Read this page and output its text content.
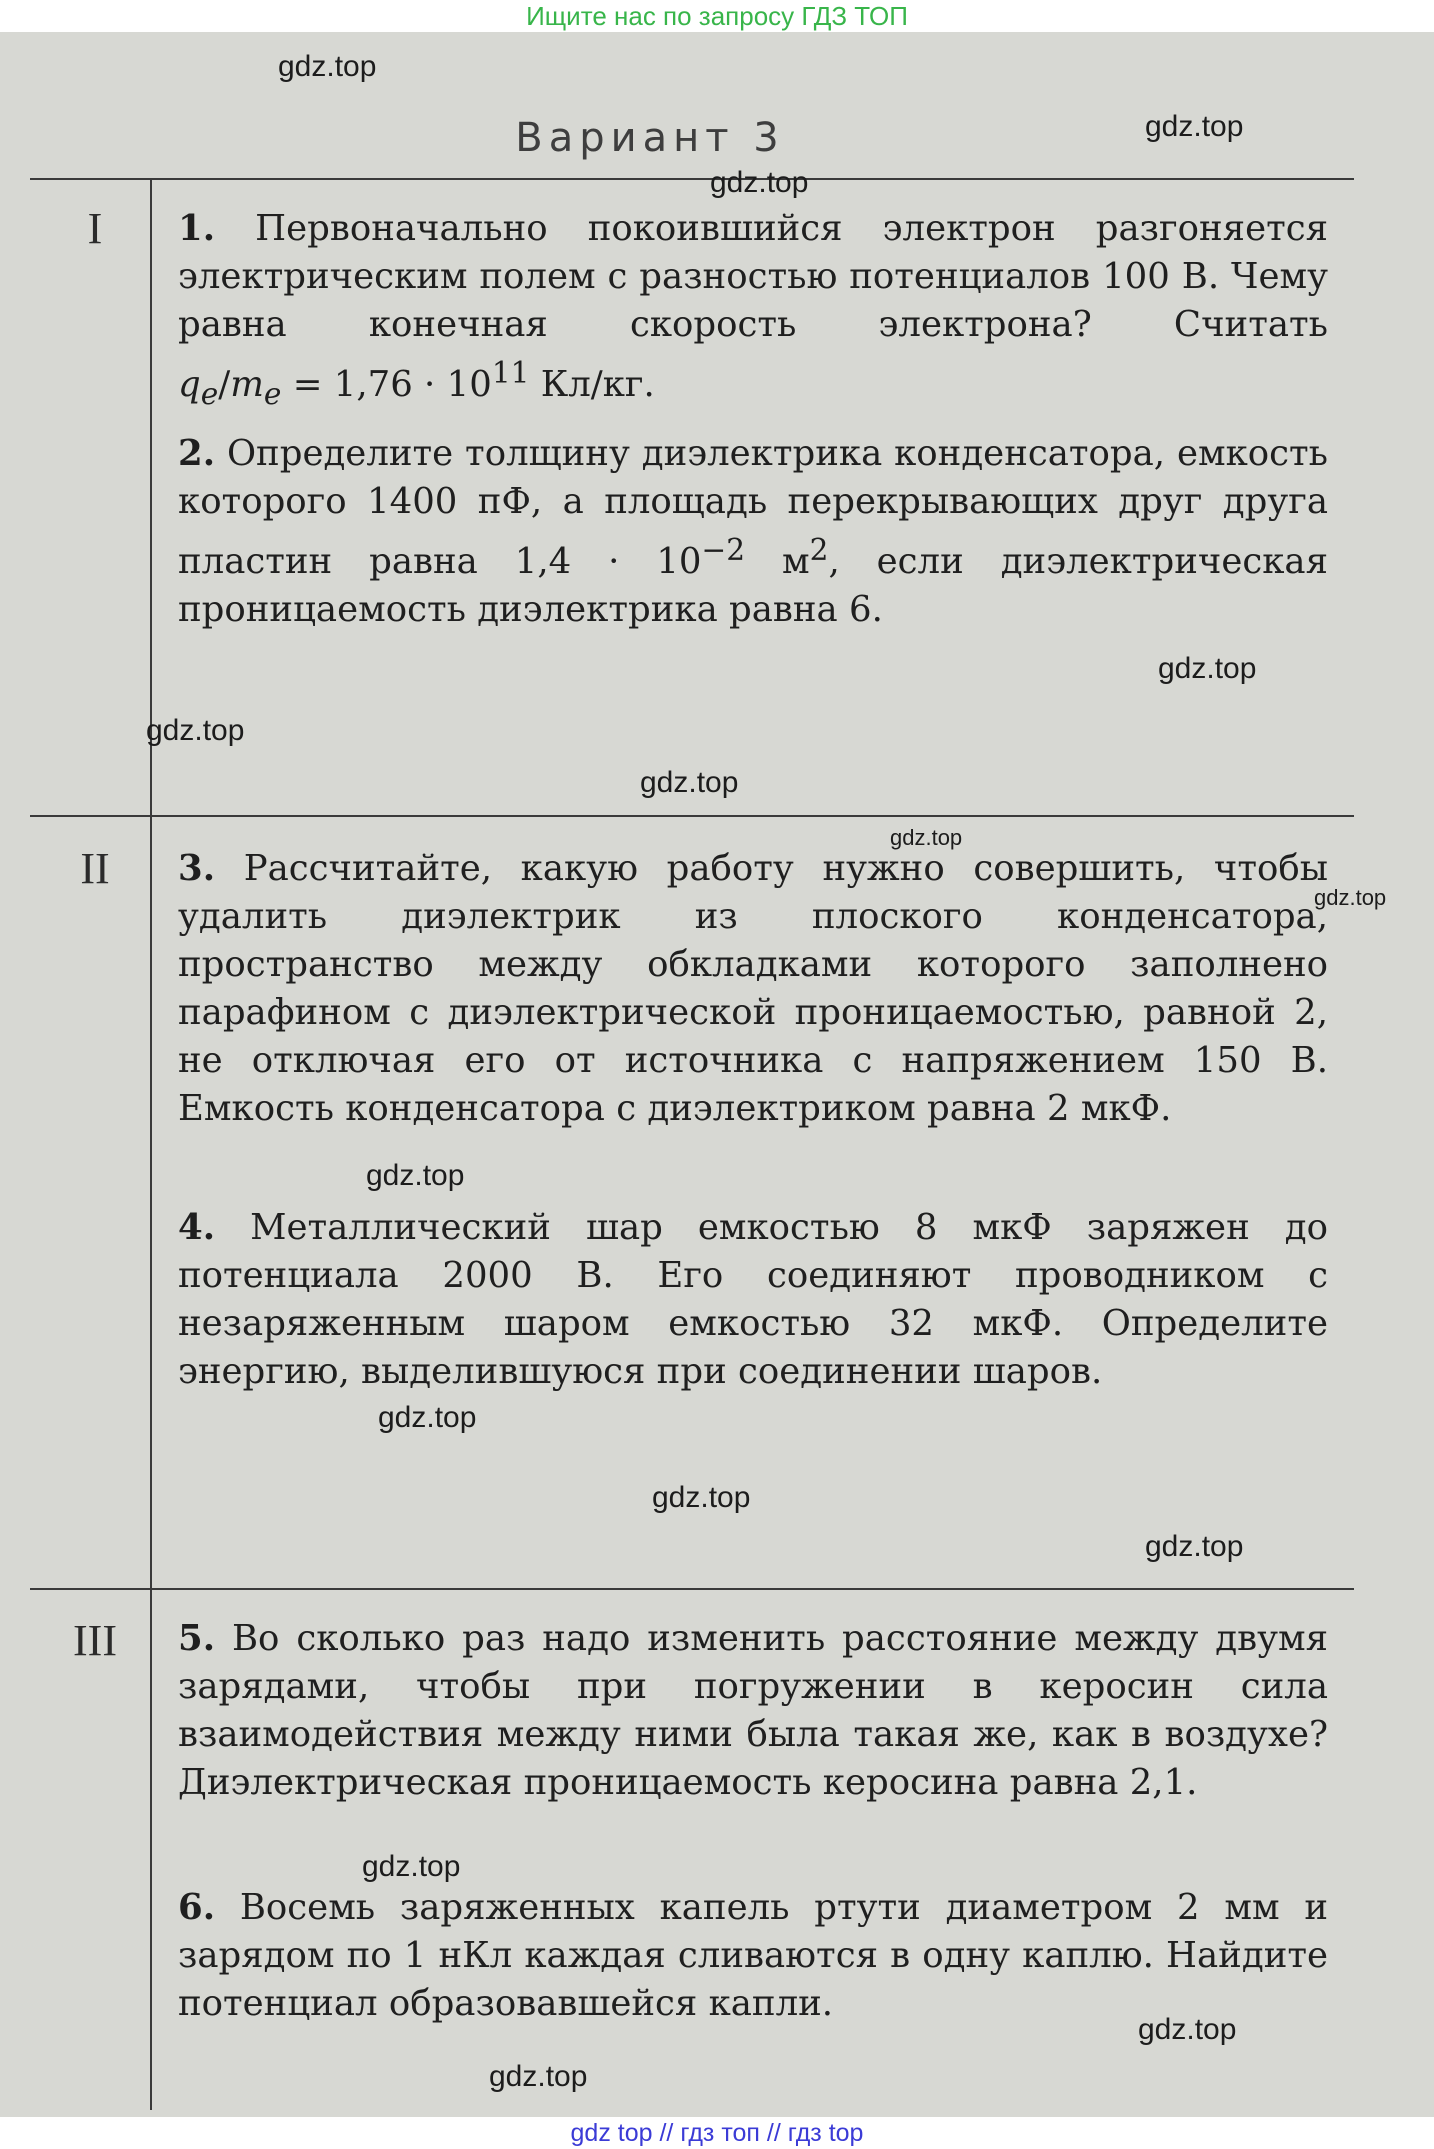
Ищите нас по запросу ГДЗ ТОП
Вариант 3
I
II
III
1. Первоначально покоившийся электрон разгоняется электрическим полем с разностью потенциалов 100 В. Чему равна конечная скорость электрона? Считать $q_e/m_e = 1,76 \cdot 10^{11}$ Кл/кг.
2. Определите толщину диэлектрика конденсатора, емкость которого 1400 пФ, а площадь перекрывающих друг друга пластин равна $1,4 \cdot 10^{-2}$ $м^2$, если диэлектрическая проницаемость диэлектрика равна 6.
3. Рассчитайте, какую работу нужно совершить, чтобы удалить диэлектрик из плоского конденсатора, пространство между обкладками которого заполнено парафином с диэлектрической проницаемостью, равной 2, не отключая его от источника с напряжением 150 В. Емкость конденсатора с диэлектриком равна 2 мкФ.
4. Металлический шар емкостью 8 мкФ заряжен до потенциала 2000 В. Его соединяют проводником с незаряженным шаром емкостью 32 мкФ. Определите энергию, выделившуюся при соединении шаров.
5. Во сколько раз надо изменить расстояние между двумя зарядами, чтобы при погружении в керосин сила взаимодействия между ними была такая же, как в воздухе? Диэлектрическая проницаемость керосина равна 2,1.
6. Восемь заряженных капель ртути диаметром 2 мм и зарядом по 1 нКл каждая сливаются в одну каплю. Найдите потенциал образовавшейся капли.
gdz.top
gdz.top
gdz.top
gdz.top
gdz.top
gdz.top
gdz.top
gdz.top
gdz.top
gdz.top
gdz.top
gdz.top
gdz.top
gdz.top
gdz.top
gdz top // гдз топ // гдз top
